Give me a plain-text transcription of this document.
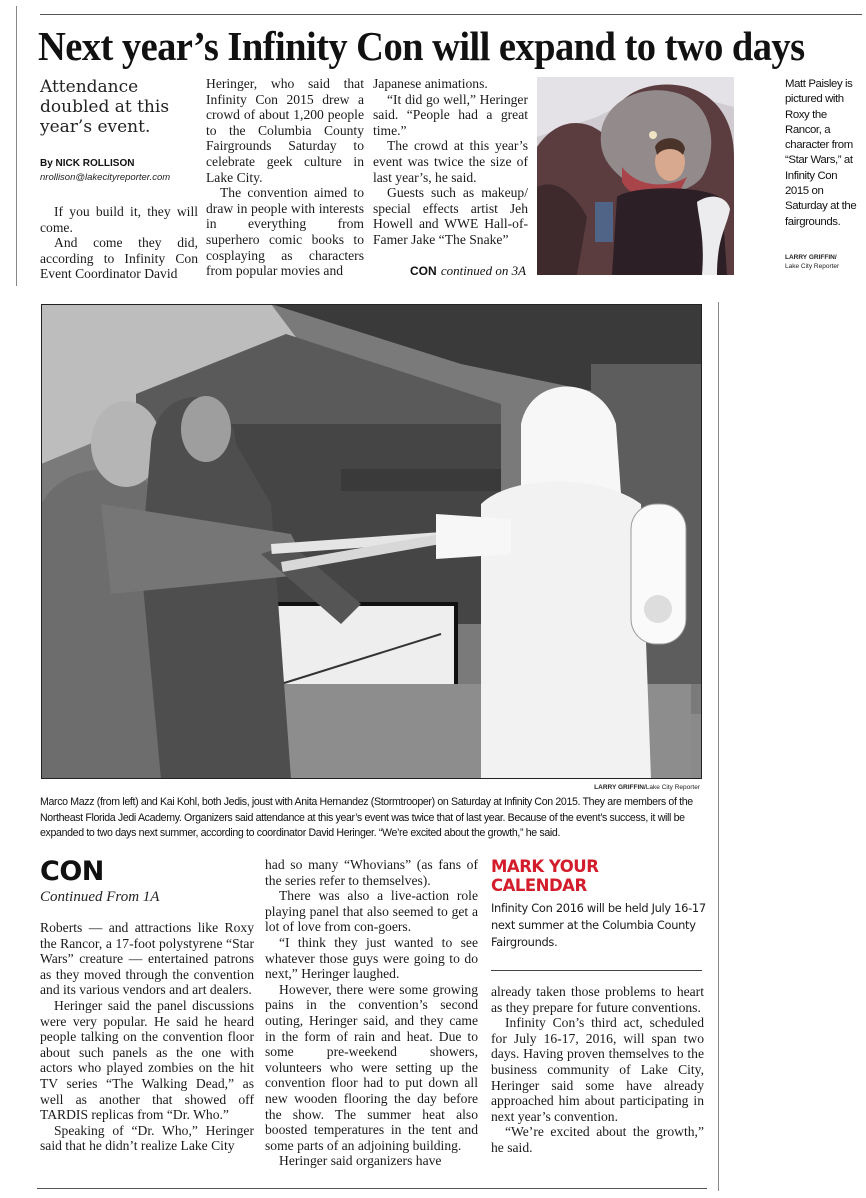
Next year’s Infinity Con will expand to two days
Attendance doubled at this year’s event.
By NICK ROLLISON
nrollison@lakecityreporter.com

If you build it, they will come.

And come they did, according to Infinity Con Event Coordinator David

Heringer, who said that Infinity Con 2015 drew a crowd of about 1,200 people to the Columbia County Fairgrounds Saturday to celebrate geek culture in Lake City.

The convention aimed to draw in people with interests in everything from superhero comic books to cosplaying as characters from popular movies and

Japanese animations.

“It did go well,” Heringer said. “People had a great time.”

The crowd at this year’s event was twice the size of last year’s, he said.

Guests such as makeup/ special effects artist Jeh Howell and WWE Hall-of-Famer Jake “The Snake”

CON continued on 3A
Matt Paisley is pictured with Roxy the Rancor, a character from “Star Wars,” at Infinity Con 2015 on Saturday at the fairgrounds.
LARRY GRIFFIN/
Lake City Reporter
LARRY GRIFFIN/Lake City Reporter
Marco Mazz (from left) and Kai Kohl, both Jedis, joust with Anita Hernandez (Stormtrooper) on Saturday at Infinity Con 2015. They are members of the Northeast Florida Jedi Academy. Organizers said attendance at this year’s event was twice that of last year. Because of the event’s success, it will be expanded to two days next summer, according to coordinator David Heringer. “We’re excited about the growth,” he said.
CON
Continued From 1A

Roberts — and attractions like Roxy the Rancor, a 17-foot polystyrene “Star Wars” creature — entertained patrons as they moved through the convention and its various vendors and art dealers.

Heringer said the panel discussions were very popular. He said he heard people talking on the convention floor about such panels as the one with actors who played zombies on the hit TV series “The Walking Dead,” as well as another that showed off TARDIS replicas from “Dr. Who.”

Speaking of “Dr. Who,” Heringer said that he didn’t realize Lake City

had so many “Whovians” (as fans of the series refer to themselves).

There was also a live-action role playing panel that also seemed to get a lot of love from con-goers.

“I think they just wanted to see whatever those guys were going to do next,” Heringer laughed.

However, there were some growing pains in the convention’s second outing, Heringer said, and they came in the form of rain and heat. Due to some pre-weekend showers, volunteers who were setting up the convention floor had to put down all new wooden flooring the day before the show. The summer heat also boosted temperatures in the tent and some parts of an adjoining building.

Heringer said organizers have

MARK YOUR
CALENDAR
Infinity Con 2016 will be held July 16-17 next summer at the Columbia County Fairgrounds.

already taken those problems to heart as they prepare for future conventions.

Infinity Con’s third act, scheduled for July 16-17, 2016, will span two days. Having proven themselves to the business community of Lake City, Heringer said some have already approached him about participating in next year’s convention.

“We’re excited about the growth,” he said.
